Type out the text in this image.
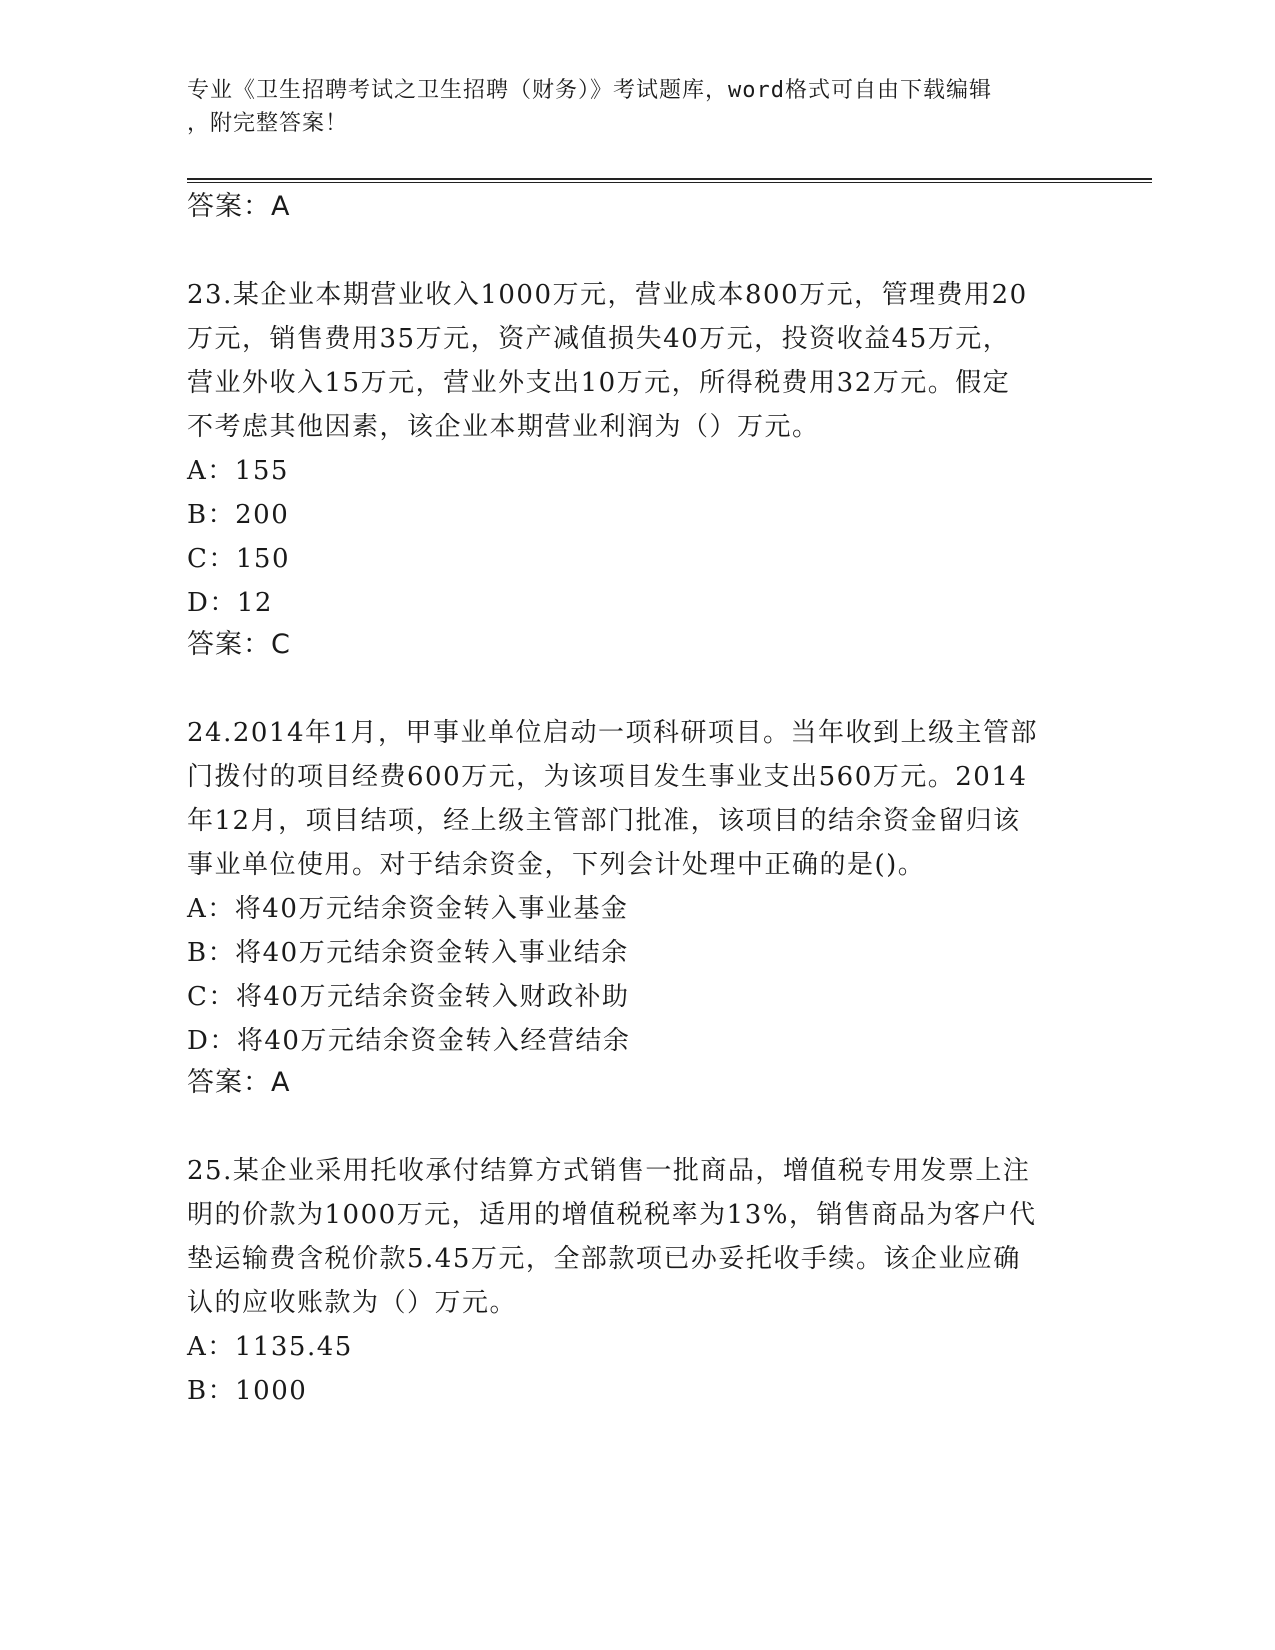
专业《卫生招聘考试之卫生招聘（财务）》考试题库，word格式可自由下载编辑
，附完整答案！
答案：A
23.某企业本期营业收入1000万元，营业成本800万元，管理费用20
万元，销售费用35万元，资产减值损失40万元，投资收益45万元，
营业外收入15万元，营业外支出10万元，所得税费用32万元。假定
不考虑其他因素，该企业本期营业利润为（）万元。
A：155
B：200
C：150
D：12
答案：C
24.2014年1月，甲事业单位启动一项科研项目。当年收到上级主管部
门拨付的项目经费600万元，为该项目发生事业支出560万元。2014
年12月，项目结项，经上级主管部门批准，该项目的结余资金留归该
事业单位使用。对于结余资金，下列会计处理中正确的是()。
A：将40万元结余资金转入事业基金
B：将40万元结余资金转入事业结余
C：将40万元结余资金转入财政补助
D：将40万元结余资金转入经营结余
答案：A
25.某企业采用托收承付结算方式销售一批商品，增值税专用发票上注
明的价款为1000万元，适用的增值税税率为13%，销售商品为客户代
垫运输费含税价款5.45万元，全部款项已办妥托收手续。该企业应确
认的应收账款为（）万元。
A：1135.45
B：1000
